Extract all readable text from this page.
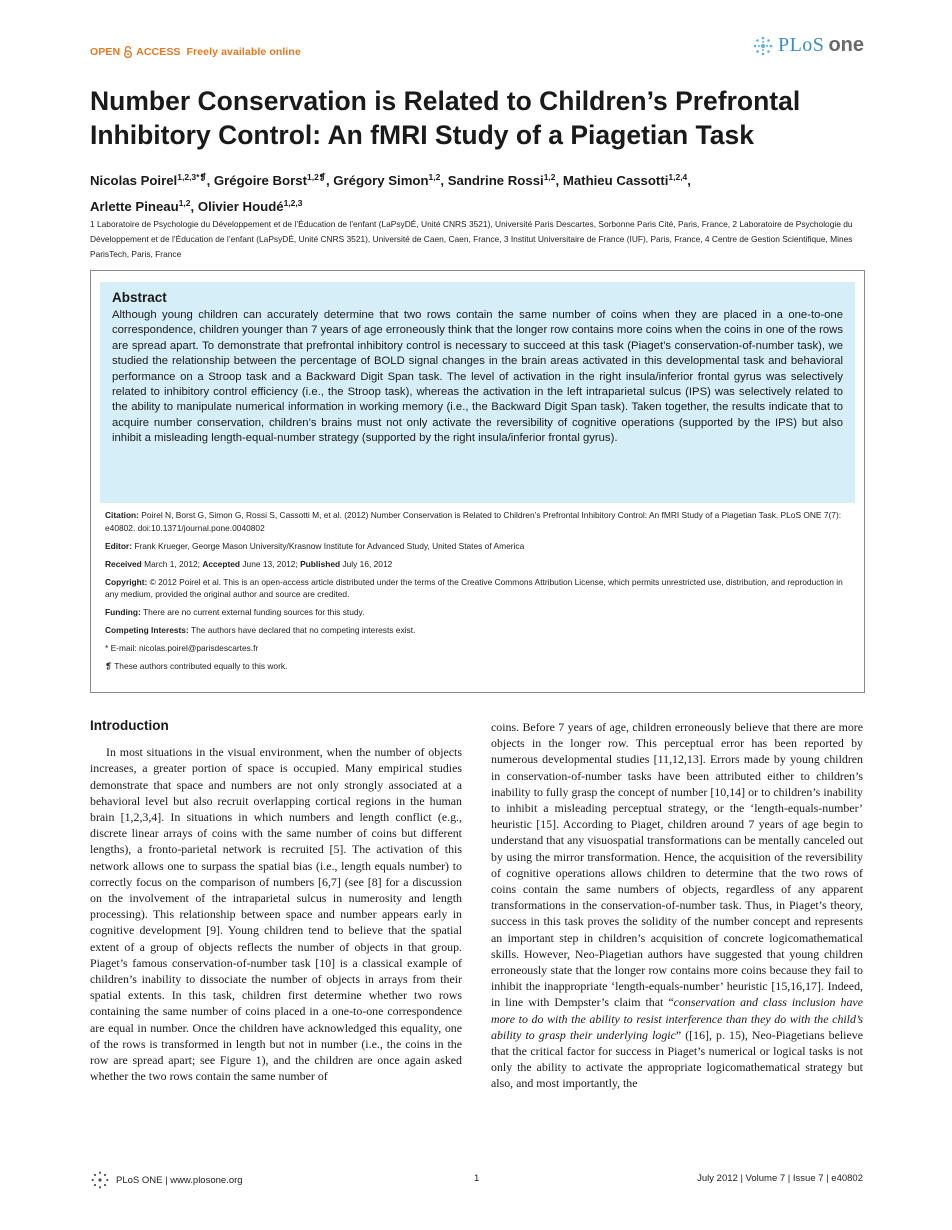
OPEN ACCESS Freely available online	PLoS one
Number Conservation is Related to Children’s Prefrontal Inhibitory Control: An fMRI Study of a Piagetian Task
Nicolas Poirel$^{1,2,3*❡}$, Grégoire Borst$^{1,2❡}$, Grégory Simon$^{1,2}$, Sandrine Rossi$^{1,2}$, Mathieu Cassotti$^{1,2,4}$,
Arlette Pineau$^{1,2}$, Olivier Houdé$^{1,2,3}$
1 Laboratoire de Psychologie du Développement et de l’Éducation de l’enfant (LaPsyDÉ, Unité CNRS 3521), Université Paris Descartes, Sorbonne Paris Cité, Paris, France, 2 Laboratoire de Psychologie du Développement et de l’Éducation de l’enfant (LaPsyDÉ, Unité CNRS 3521), Université de Caen, Caen, France, 3 Institut Universitaire de France (IUF), Paris, France, 4 Centre de Gestion Scientifique, Mines ParisTech, Paris, France
Abstract

Although young children can accurately determine that two rows contain the same number of coins when they are placed in a one-to-one correspondence, children younger than 7 years of age erroneously think that the longer row contains more coins when the coins in one of the rows are spread apart. To demonstrate that prefrontal inhibitory control is necessary to succeed at this task (Piaget’s conservation-of-number task), we studied the relationship between the percentage of BOLD signal changes in the brain areas activated in this developmental task and behavioral performance on a Stroop task and a Backward Digit Span task. The level of activation in the right insula/inferior frontal gyrus was selectively related to inhibitory control efficiency (i.e., the Stroop task), whereas the activation in the left intraparietal sulcus (IPS) was selectively related to the ability to manipulate numerical information in working memory (i.e., the Backward Digit Span task). Taken together, the results indicate that to acquire number conservation, children’s brains must not only activate the reversibility of cognitive operations (supported by the IPS) but also inhibit a misleading length-equal-number strategy (supported by the right insula/inferior frontal gyrus).

Citation: Poirel N, Borst G, Simon G, Rossi S, Cassotti M, et al. (2012) Number Conservation is Related to Children’s Prefrontal Inhibitory Control: An fMRI Study of a Piagetian Task. PLoS ONE 7(7): e40802. doi:10.1371/journal.pone.0040802
Editor: Frank Krueger, George Mason University/Krasnow Institute for Advanced Study, United States of America
Received March 1, 2012; Accepted June 13, 2012; Published July 16, 2012
Copyright: © 2012 Poirel et al. This is an open-access article distributed under the terms of the Creative Commons Attribution License, which permits unrestricted use, distribution, and reproduction in any medium, provided the original author and source are credited.
Funding: There are no current external funding sources for this study.
Competing Interests: The authors have declared that no competing interests exist.
* E-mail: nicolas.poirel@parisdescartes.fr
❡ These authors contributed equally to this work.
Introduction

In most situations in the visual environment, when the number of objects increases, a greater portion of space is occupied. Many empirical studies demonstrate that space and numbers are not only strongly associated at a behavioral level but also recruit overlapping cortical regions in the human brain [1,2,3,4]. In situations in which numbers and length conflict (e.g., discrete linear arrays of coins with the same number of coins but different lengths), a fronto-parietal network is recruited [5]. The activation of this network allows one to surpass the spatial bias (i.e., length equals number) to correctly focus on the comparison of numbers [6,7] (see [8] for a discussion on the involvement of the intraparietal sulcus in numerosity and length processing). This relationship between space and number appears early in cognitive development [9]. Young children tend to believe that the spatial extent of a group of objects reflects the number of objects in that group. Piaget’s famous conservation-of-number task [10] is a classical example of children’s inability to dissociate the number of objects in arrays from their spatial extents. In this task, children first determine whether two rows containing the same number of coins placed in a one-to-one correspondence are equal in number. Once the children have acknowledged this equality, one of the rows is transformed in length but not in number (i.e., the coins in the row are spread apart; see Figure 1), and the children are once again asked whether the two rows contain the same number of

coins. Before 7 years of age, children erroneously believe that there are more objects in the longer row. This perceptual error has been reported by numerous developmental studies [11,12,13]. Errors made by young children in conservation-of-number tasks have been attributed either to children’s inability to fully grasp the concept of number [10,14] or to children’s inability to inhibit a misleading perceptual strategy, or the ‘length-equals-number’ heuristic [15]. According to Piaget, children around 7 years of age begin to understand that any visuospatial transformations can be mentally canceled out by using the mirror transformation. Hence, the acquisition of the reversibility of cognitive operations allows children to determine that the two rows of coins contain the same numbers of objects, regardless of any apparent transformations in the conservation-of-number task. Thus, in Piaget’s theory, success in this task proves the solidity of the number concept and represents an important step in children’s acquisition of concrete logicomathematical skills. However, Neo-Piagetian authors have suggested that young children erroneously state that the longer row contains more coins because they fail to inhibit the inappropriate ‘length-equals-number’ heuristic [15,16,17]. Indeed, in line with Dempster’s claim that “conservation and class inclusion have more to do with the ability to resist interference than they do with the child’s ability to grasp their underlying logic” ([16], p. 15), Neo-Piagetians believe that the critical factor for success in Piaget’s numerical or logical tasks is not only the ability to activate the appropriate logicomathematical strategy but also, and most importantly, the

PLoS ONE | www.plosone.org	1	July 2012 | Volume 7 | Issue 7 | e40802
